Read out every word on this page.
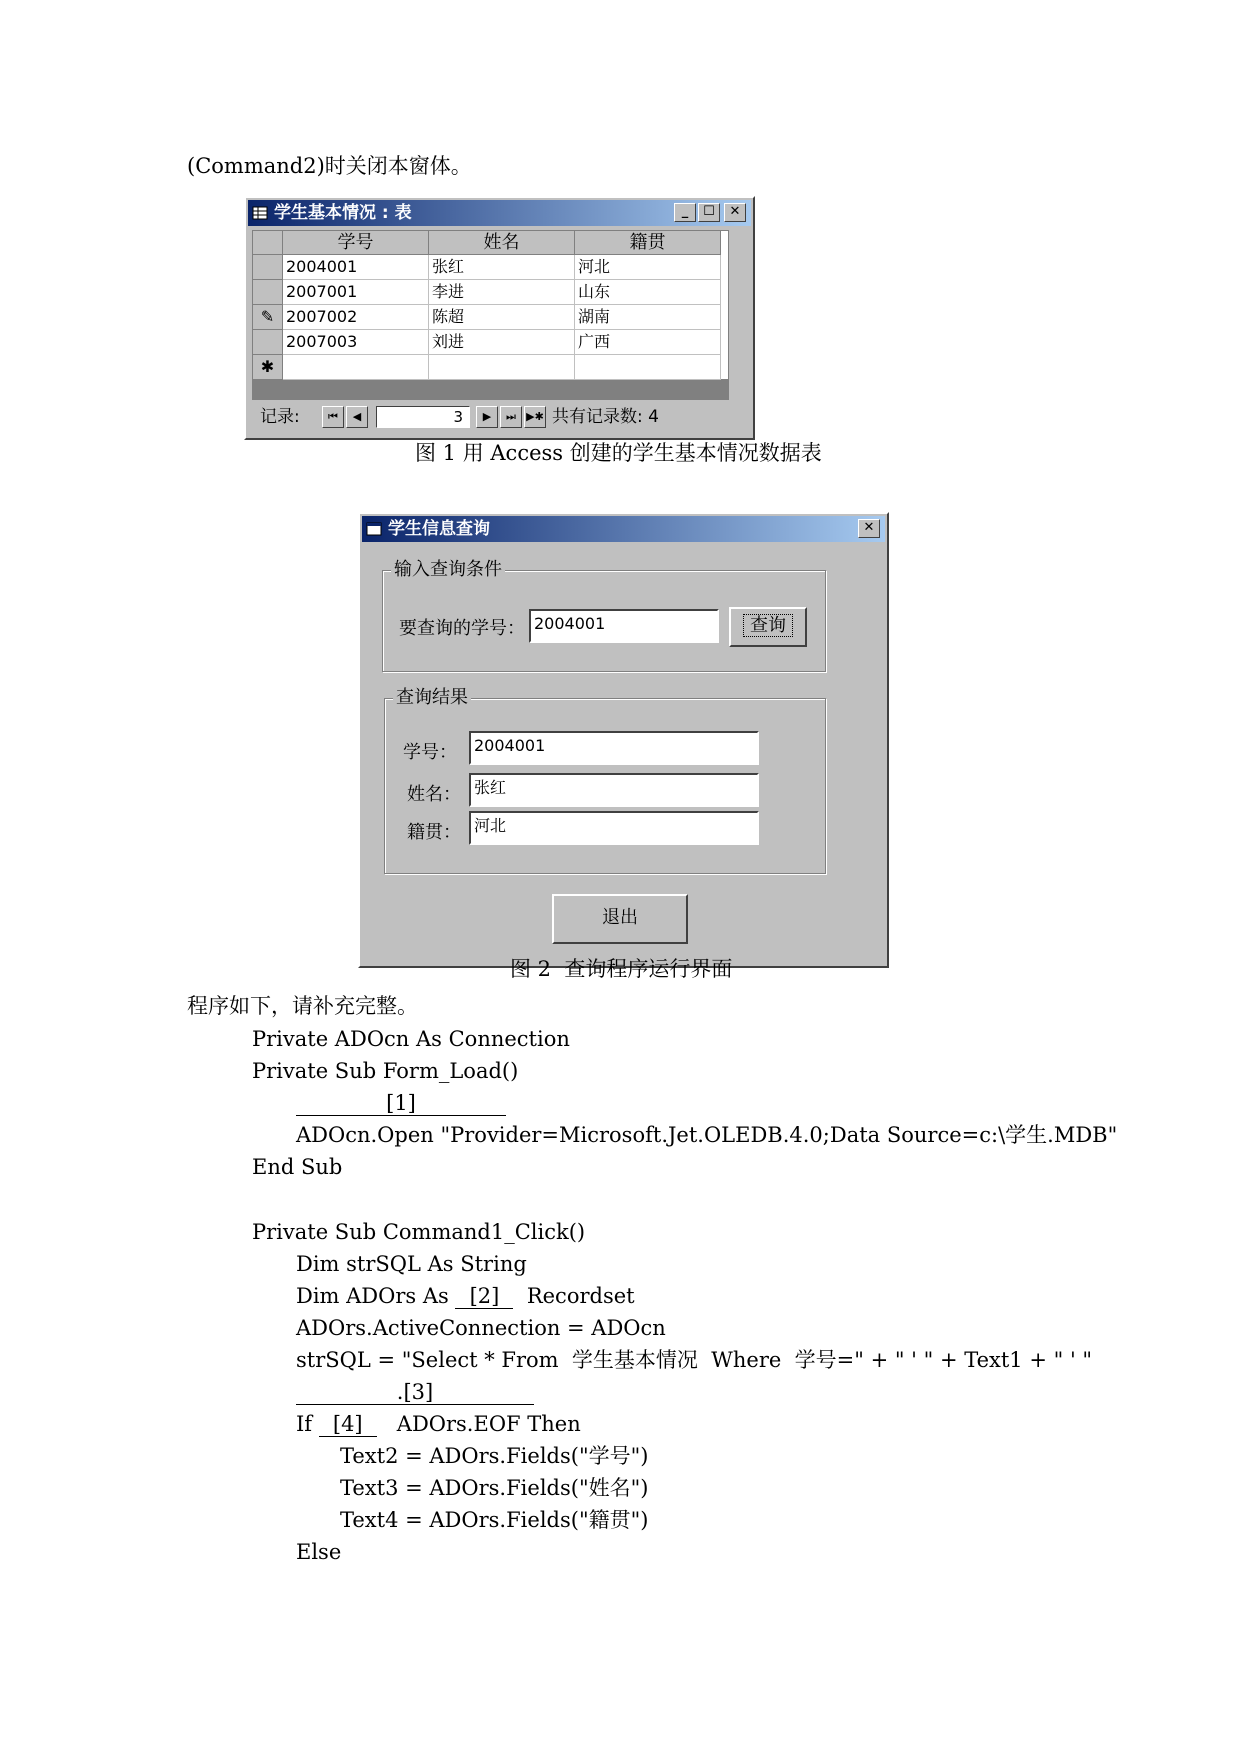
(Command2)时关闭本窗体。
学生基本情况 : 表	_	☐	✕
学号	姓名	籍贯
2004001	张红	河北
2007001	李进	山东
✎ 2007002	陈超	湖南
2007003	刘进	广西
✱
记录:	⏮	◀	3	▶	⏭ ▶✱ 共有记录数: 4
图 1 用 Access 创建的学生基本情况数据表
学生信息查询	✕
输入查询条件
要查询的学号： 2004001	查询
查询结果
学号：	2004001
姓名： 张红
籍贯： 河北
退出
图 2  查询程序运行界面
程序如下，请补充完整。
Private ADOcn As Connection
Private Sub Form_Load()
[1]
ADOcn.Open "Provider=Microsoft.Jet.OLEDB.4.0;Data Source=c:\学生.MDB"
End Sub
Private Sub Command1_Click()
Dim strSQL As String
Dim ADOrs As [2]  Recordset
ADOrs.ActiveConnection = ADOcn
strSQL = "Select * From  学生基本情况  Where  学号=" + " ' " + Text1 + " ' "
.[3]
If [4]   ADOrs.EOF Then
Text2 = ADOrs.Fields("学号")
Text3 = ADOrs.Fields("姓名")
Text4 = ADOrs.Fields("籍贯")
Else
